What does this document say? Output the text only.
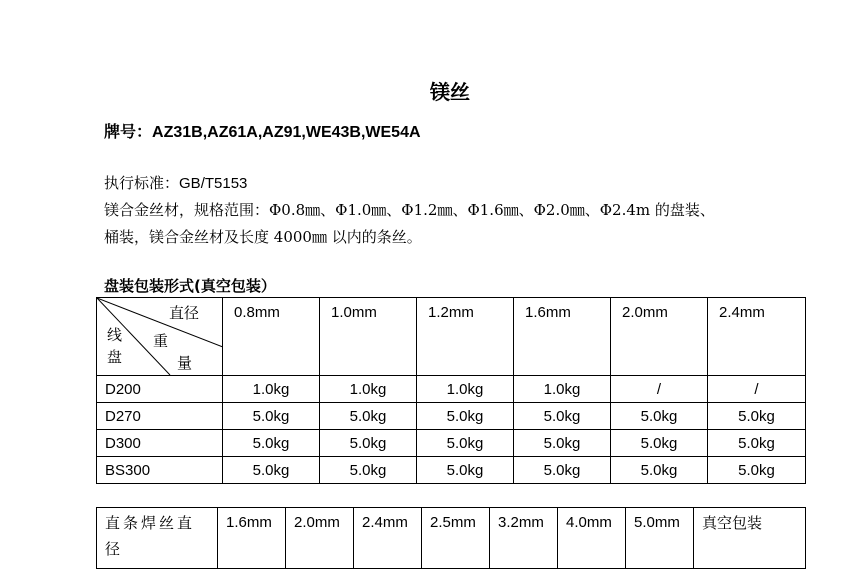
镁丝
牌号：AZ31B,AZ61A,AZ91,WE43B,WE54A
执行标准：GB/T5153
镁合金丝材，规格范围：Φ0.8㎜、Φ1.0㎜、Φ1.2㎜、Φ1.6㎜、Φ2.0㎜、Φ2.4m 的盘装、
桶装，镁合金丝材及长度 4000㎜ 以内的条丝。
盘装包装形式(真空包装）
直径
重
量
线
盘	0.8mm	1.0mm	1.2mm	1.6mm	2.0mm	2.4mm

D200	1.0kg	1.0kg	1.0kg	1.0kg	/	/
D270	5.0kg	5.0kg	5.0kg	5.0kg	5.0kg	5.0kg
D300	5.0kg	5.0kg	5.0kg	5.0kg	5.0kg	5.0kg
BS300	5.0kg	5.0kg	5.0kg	5.0kg	5.0kg	5.0kg
直条焊丝直径	1.6mm	2.0mm	2.4mm	2.5mm	3.2mm	4.0mm	5.0mm	真空包装
